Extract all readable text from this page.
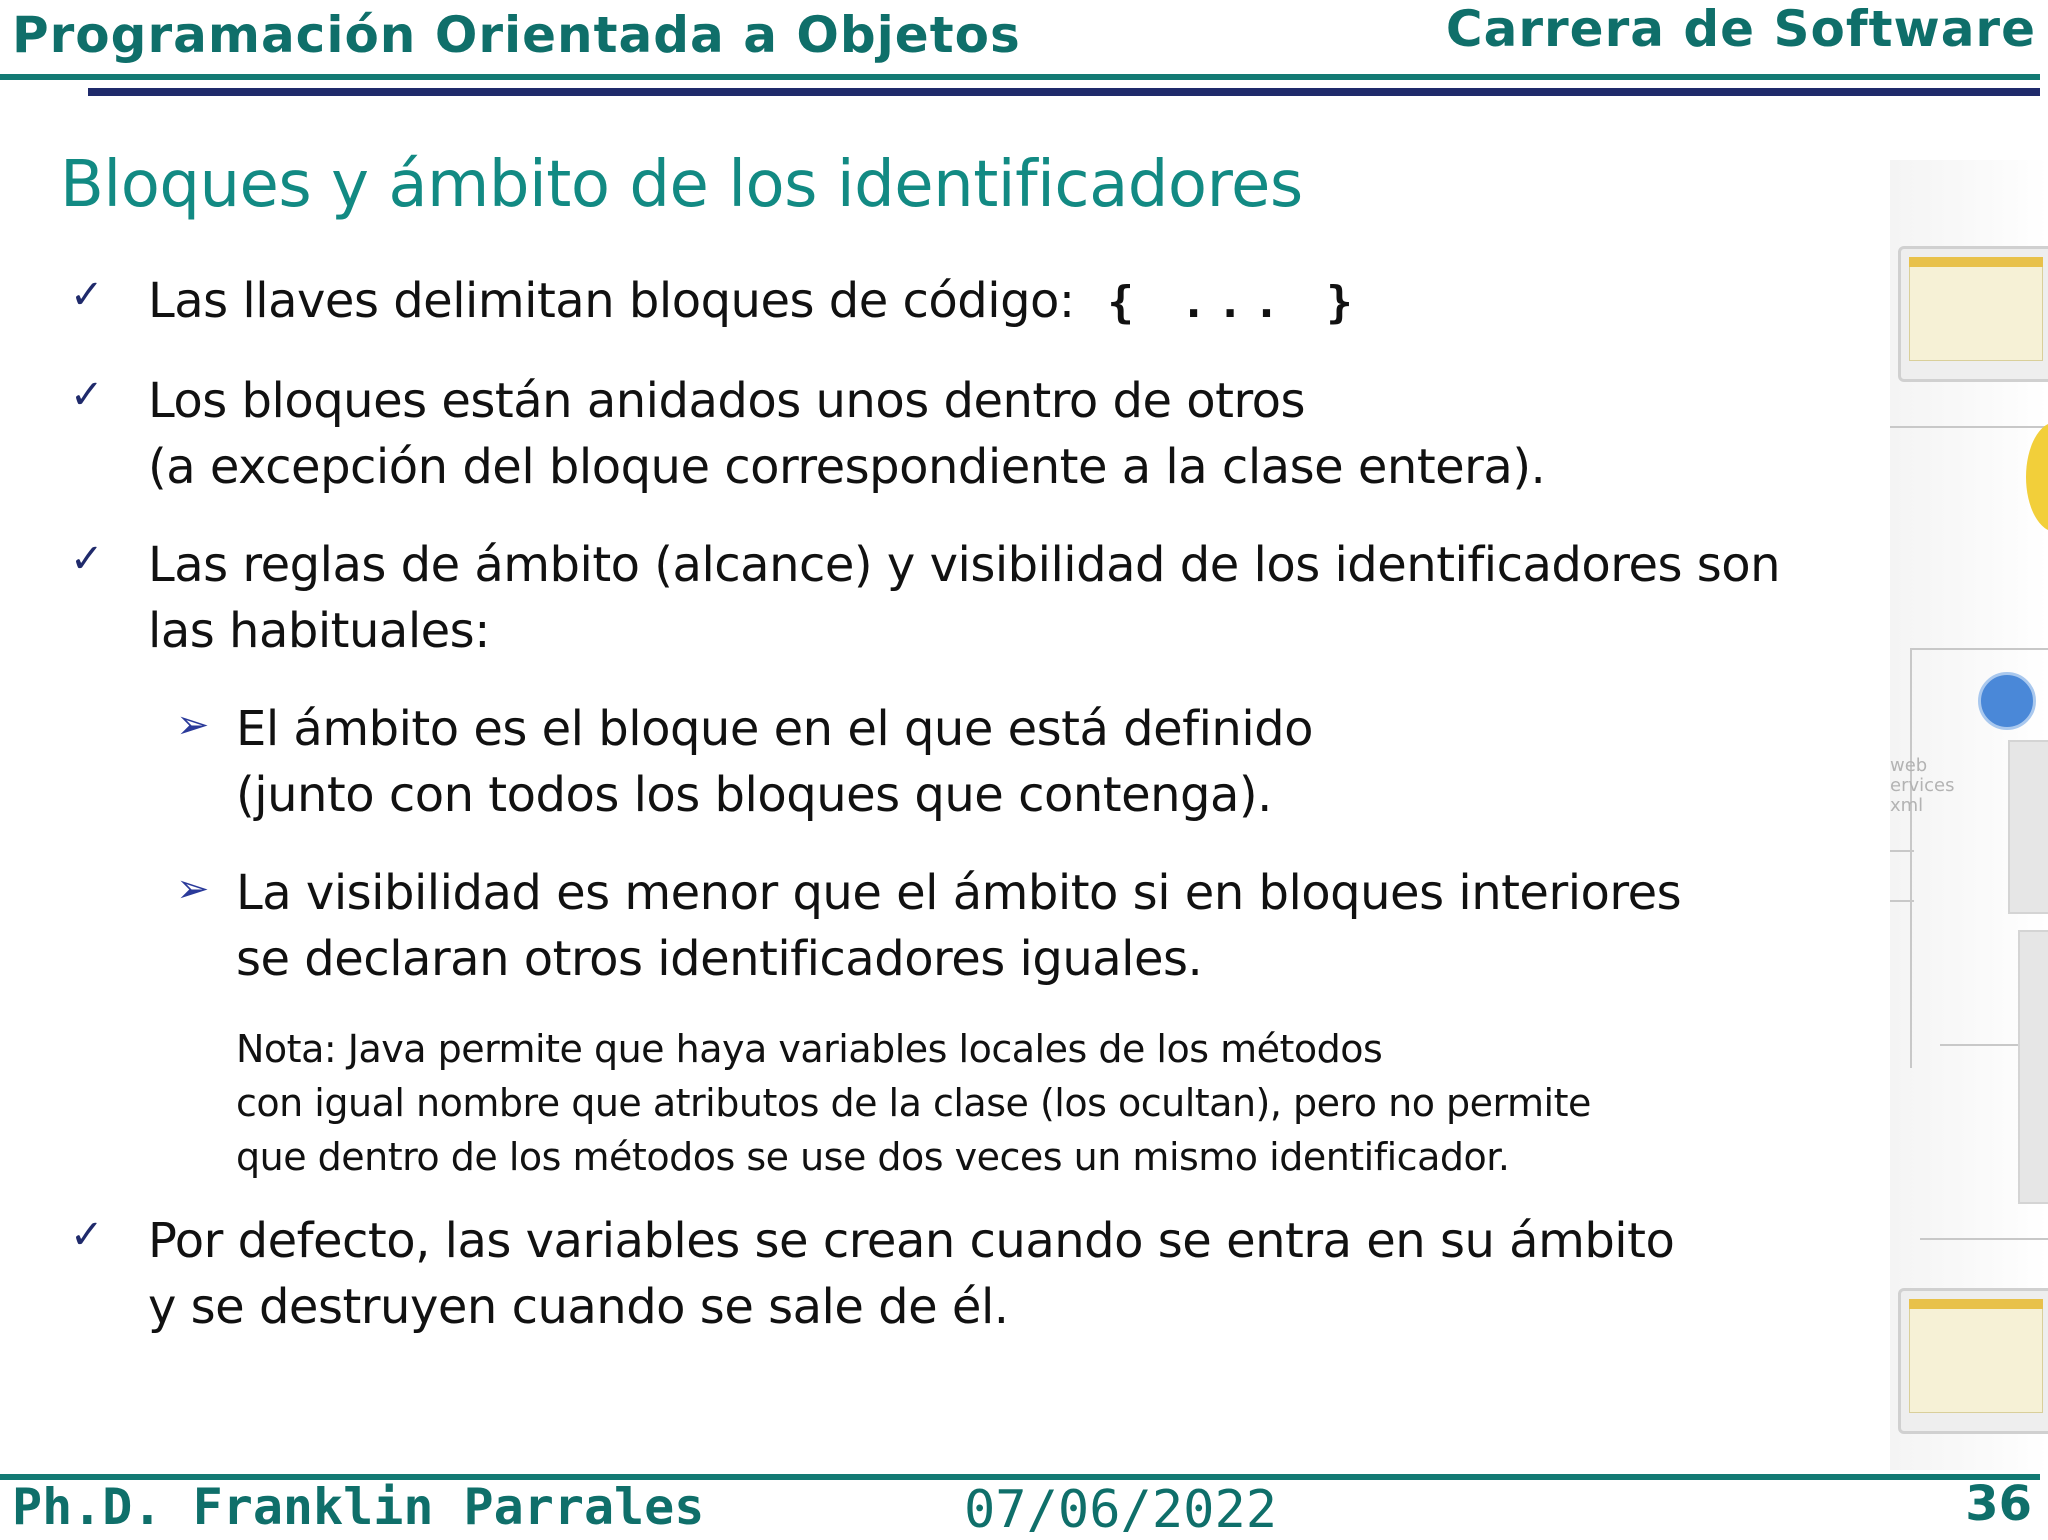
Programación Orientada a Objetos	Carrera de Software
web
ervices
xml
Bloques y ámbito de los identificadores
✓ Las llaves delimitan bloques de código: { ... }
✓ Los bloques están anidados unos dentro de otros
(a excepción del bloque correspondiente a la clase entera).
✓ Las reglas de ámbito (alcance) y visibilidad de los identificadores son
las habituales:
➢ El ámbito es el bloque en el que está definido
(junto con todos los bloques que contenga).
➢ La visibilidad es menor que el ámbito si en bloques interiores
se declaran otros identificadores iguales.
Nota: Java permite que haya variables locales de los métodos
con igual nombre que atributos de la clase (los ocultan), pero no permite
que dentro de los métodos se use dos veces un mismo identificador.
✓ Por defecto, las variables se crean cuando se entra en su ámbito
y se destruyen cuando se sale de él.
Ph.D. Franklin Parrales	07/06/2022	36
